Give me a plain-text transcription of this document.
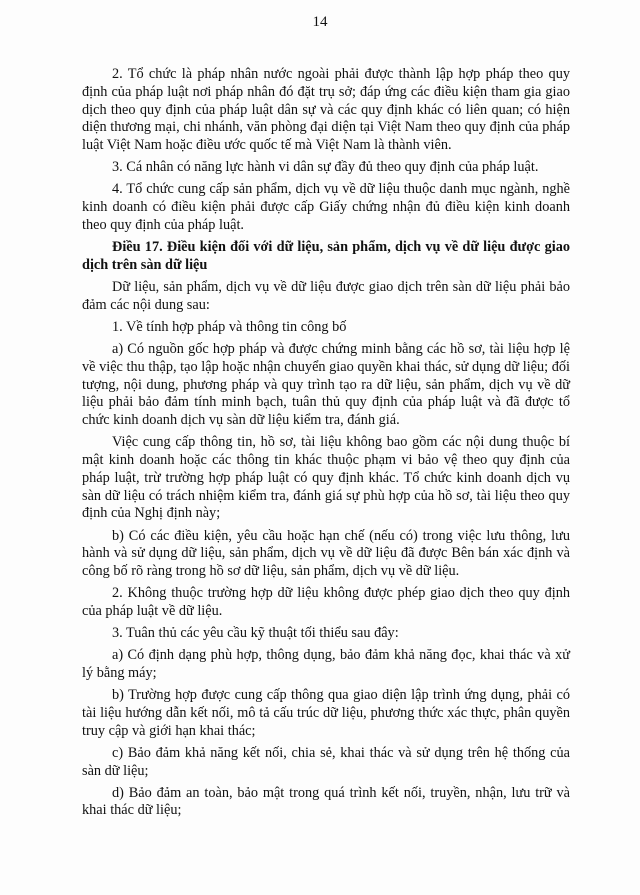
14

2. Tổ chức là pháp nhân nước ngoài phải được thành lập hợp pháp theo quy định của pháp luật nơi pháp nhân đó đặt trụ sở; đáp ứng các điều kiện tham gia giao dịch theo quy định của pháp luật dân sự và các quy định khác có liên quan; có hiện diện thương mại, chi nhánh, văn phòng đại diện tại Việt Nam theo quy định của pháp luật Việt Nam hoặc điều ước quốc tế mà Việt Nam là thành viên.

3. Cá nhân có năng lực hành vi dân sự đầy đủ theo quy định của pháp luật.

4. Tổ chức cung cấp sản phẩm, dịch vụ về dữ liệu thuộc danh mục ngành, nghề kinh doanh có điều kiện phải được cấp Giấy chứng nhận đủ điều kiện kinh doanh theo quy định của pháp luật.

Điều 17. Điều kiện đối với dữ liệu, sản phẩm, dịch vụ về dữ liệu được giao dịch trên sàn dữ liệu

Dữ liệu, sản phẩm, dịch vụ về dữ liệu được giao dịch trên sàn dữ liệu phải bảo đảm các nội dung sau:

1. Về tính hợp pháp và thông tin công bố

a) Có nguồn gốc hợp pháp và được chứng minh bằng các hồ sơ, tài liệu hợp lệ về việc thu thập, tạo lập hoặc nhận chuyển giao quyền khai thác, sử dụng dữ liệu; đối tượng, nội dung, phương pháp và quy trình tạo ra dữ liệu, sản phẩm, dịch vụ về dữ liệu phải bảo đảm tính minh bạch, tuân thủ quy định của pháp luật và đã được tổ chức kinh doanh dịch vụ sàn dữ liệu kiểm tra, đánh giá.

Việc cung cấp thông tin, hồ sơ, tài liệu không bao gồm các nội dung thuộc bí mật kinh doanh hoặc các thông tin khác thuộc phạm vi bảo vệ theo quy định của pháp luật, trừ trường hợp pháp luật có quy định khác. Tổ chức kinh doanh dịch vụ sàn dữ liệu có trách nhiệm kiểm tra, đánh giá sự phù hợp của hồ sơ, tài liệu theo quy định của Nghị định này;

b) Có các điều kiện, yêu cầu hoặc hạn chế (nếu có) trong việc lưu thông, lưu hành và sử dụng dữ liệu, sản phẩm, dịch vụ về dữ liệu đã được Bên bán xác định và công bố rõ ràng trong hồ sơ dữ liệu, sản phẩm, dịch vụ về dữ liệu.

2. Không thuộc trường hợp dữ liệu không được phép giao dịch theo quy định của pháp luật về dữ liệu.

3. Tuân thủ các yêu cầu kỹ thuật tối thiểu sau đây:

a) Có định dạng phù hợp, thông dụng, bảo đảm khả năng đọc, khai thác và xử lý bằng máy;

b) Trường hợp được cung cấp thông qua giao diện lập trình ứng dụng, phải có tài liệu hướng dẫn kết nối, mô tả cấu trúc dữ liệu, phương thức xác thực, phân quyền truy cập và giới hạn khai thác;

c) Bảo đảm khả năng kết nối, chia sẻ, khai thác và sử dụng trên hệ thống của sàn dữ liệu;

d) Bảo đảm an toàn, bảo mật trong quá trình kết nối, truyền, nhận, lưu trữ và khai thác dữ liệu;
